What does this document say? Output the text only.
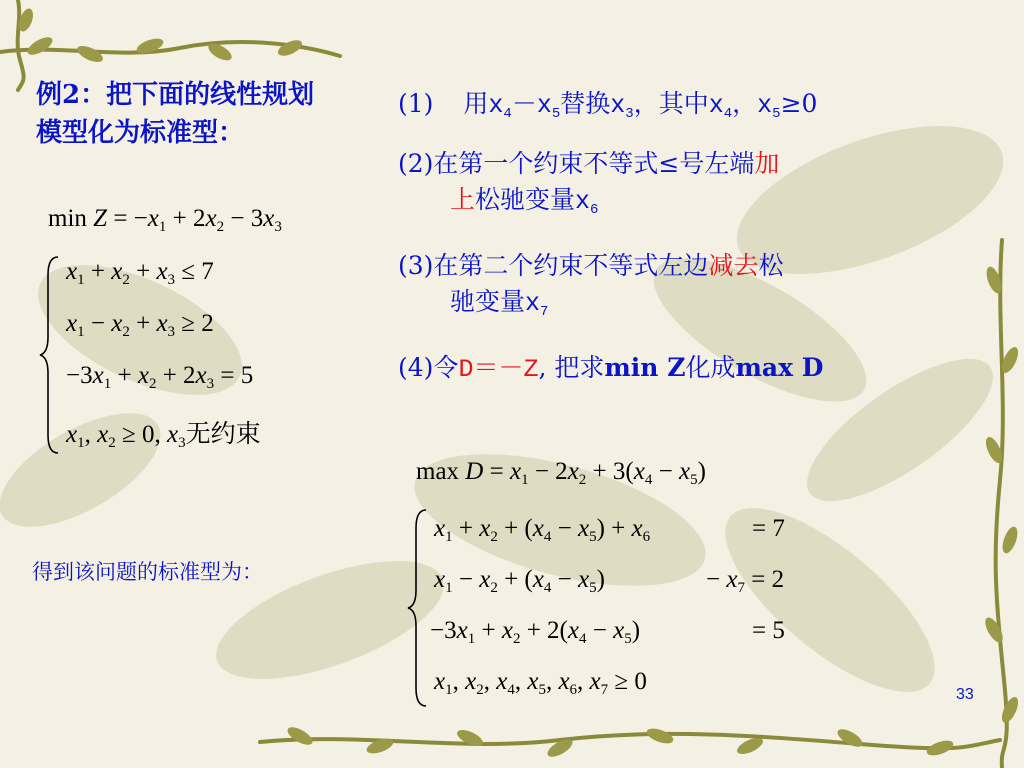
例2：把下面的线性规划模型化为标准型：
$\min Z = -x_1 + 2x_2 - 3x_3$
$x_1 + x_2 + x_3 \le 7$
$x_1 - x_2 + x_3 \ge 2$
$-3x_1 + x_2 + 2x_3 = 5$
$x_1$, $x_2 \ge 0$, $x_3$无约束
得到该问题的标准型为：
(1) 用$x_4-x_5$替换$x_3$，其中$x_4$，$x_5\ge 0$
(2)在第一个约束不等式≤号左端加
上松驰变量$x_6$
(3)在第二个约束不等式左边减去松
驰变量$x_7$
(4)令D＝－Z, 把求min Z化成max D
$\max D = x_1 - 2x_2 + 3(x_4 - x_5)$
$x_1 + x_2 + (x_4 - x_5) + x_6$	= 7
$x_1 - x_2 + (x_4 - x_5)$	− $x_7 = 2$
$-3x_1 + x_2 + 2(x_4 - x_5)$	= 5
$x_1$, $x_2$, $x_4$, $x_5$, $x_6$, $x_7 \ge 0$	33
